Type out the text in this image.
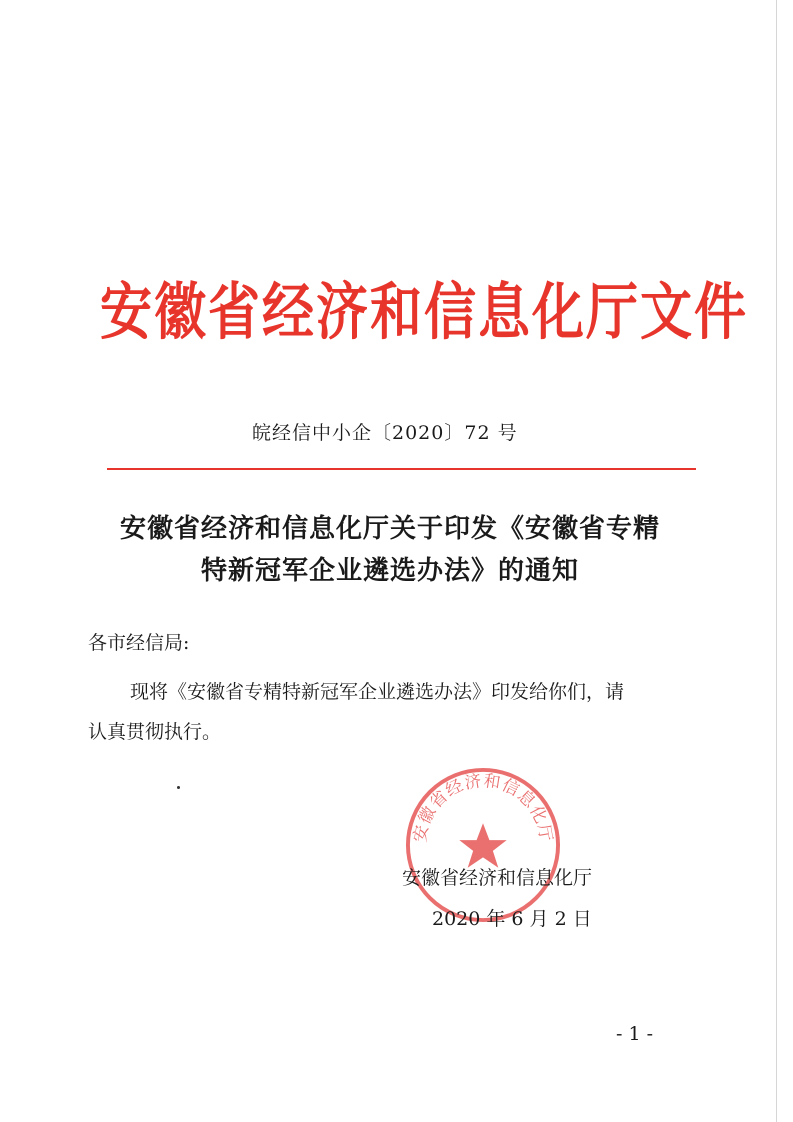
安徽省经济和信息化厅文件
皖经信中小企〔2020〕72 号
安徽省经济和信息化厅关于印发《安徽省专精
特新冠军企业遴选办法》的通知
各市经信局:
现将《安徽省专精特新冠军企业遴选办法》印发给你们，请
认真贯彻执行。
安徽省经济和信息化厅
安徽省经济和信息化厅
2020 年 6 月 2 日
- 1 -
